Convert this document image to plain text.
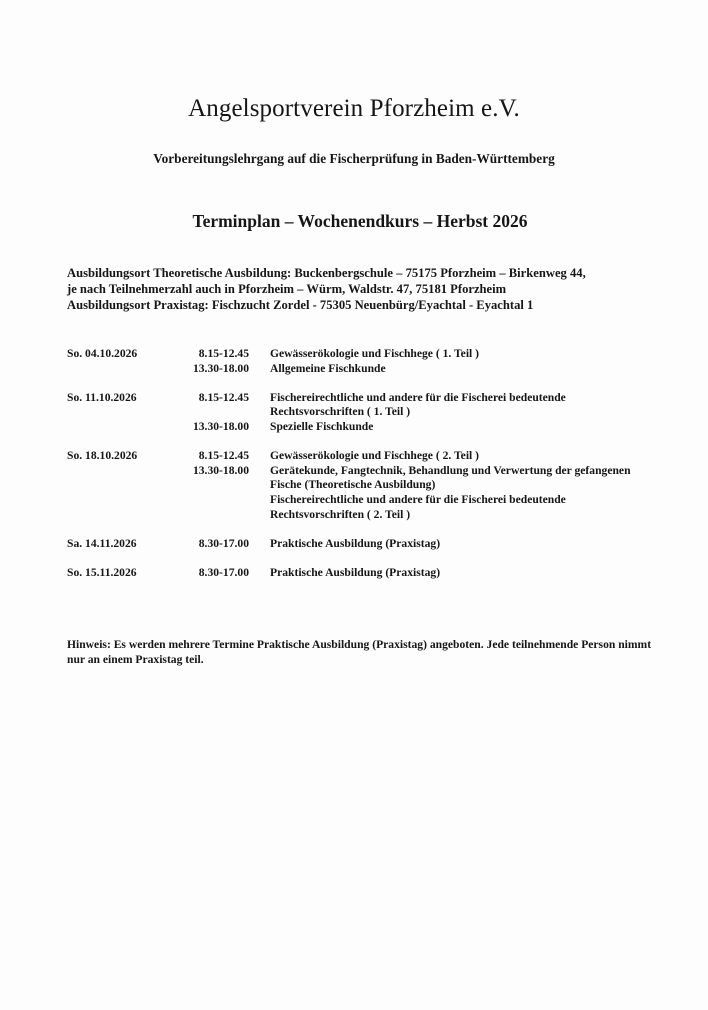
Angelsportverein Pforzheim e.V.
Vorbereitungslehrgang auf die Fischerprüfung in Baden-Württemberg
Terminplan – Wochenendkurs – Herbst 2026
Ausbildungsort Theoretische Ausbildung: Buckenbergschule – 75175 Pforzheim – Birkenweg 44,
je nach Teilnehmerzahl auch in Pforzheim – Würm, Waldstr. 47, 75181 Pforzheim
Ausbildungsort Praxistag: Fischzucht Zordel - 75305 Neuenbürg/Eyachtal - Eyachtal 1
So. 04.10.2026	8.15-12.45	Gewässerökologie und Fischhege ( 1. Teil )
13.30-18.00	Allgemeine Fischkunde
So. 11.10.2026	8.15-12.45	Fischereirechtliche und andere für die Fischerei bedeutende Rechtsvorschriften ( 1. Teil )
13.30-18.00	Spezielle Fischkunde
So. 18.10.2026	8.15-12.45	Gewässerökologie und Fischhege ( 2. Teil )
13.30-18.00	Gerätekunde, Fangtechnik, Behandlung und Verwertung der gefangenen Fische (Theoretische Ausbildung)
Fischereirechtliche und andere für die Fischerei bedeutende Rechtsvorschriften ( 2. Teil )
Sa. 14.11.2026	8.30-17.00	Praktische Ausbildung (Praxistag)
So. 15.11.2026	8.30-17.00	Praktische Ausbildung (Praxistag)
Hinweis: Es werden mehrere Termine Praktische Ausbildung (Praxistag) angeboten. Jede teilnehmende Person nimmt nur an einem Praxistag teil.
